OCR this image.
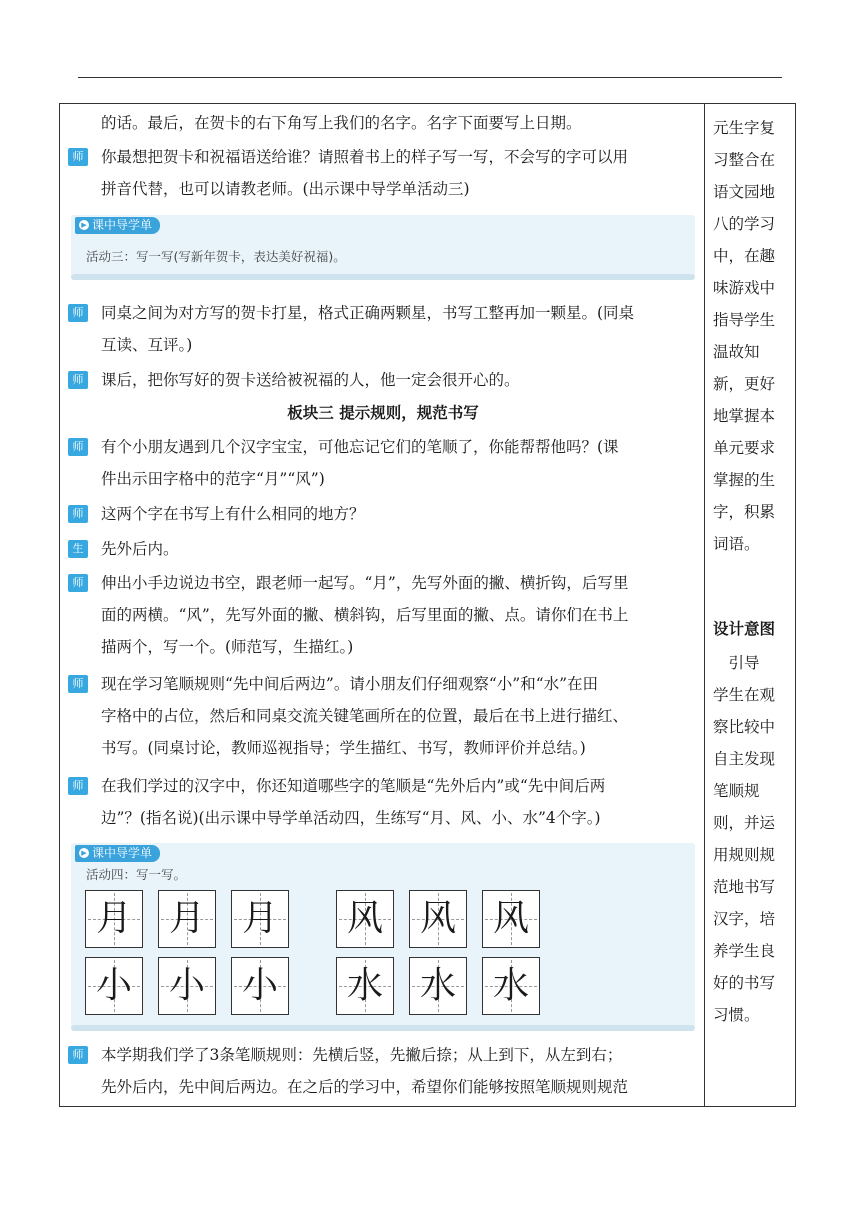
的话。最后，在贺卡的右下角写上我们的名字。名字下面要写上日期。
师 你最想把贺卡和祝福语送给谁？请照着书上的样子写一写，不会写的字可以用
拼音代替，也可以请教老师。(出示课中导学单活动三)
▶ 课中导学单
活动三：写一写(写新年贺卡，表达美好祝福)。
师 同桌之间为对方写的贺卡打星，格式正确两颗星，书写工整再加一颗星。(同桌
互读、互评。)
师 课后，把你写好的贺卡送给被祝福的人，他一定会很开心的。
板块三 提示规则，规范书写
师 有个小朋友遇到几个汉字宝宝，可他忘记它们的笔顺了，你能帮帮他吗？(课
件出示田字格中的范字“月”“风”)
师 这两个字在书写上有什么相同的地方？
生 先外后内。
师 伸出小手边说边书空，跟老师一起写。“月”，先写外面的撇、横折钩，后写里
面的两横。“风”，先写外面的撇、横斜钩，后写里面的撇、点。请你们在书上
描两个，写一个。(师范写，生描红。)
师 现在学习笔顺规则“先中间后两边”。请小朋友们仔细观察“小”和“水”在田
字格中的占位，然后和同桌交流关键笔画所在的位置，最后在书上进行描红、
书写。(同桌讨论，教师巡视指导；学生描红、书写，教师评价并总结。)
师 在我们学过的汉字中，你还知道哪些字的笔顺是“先外后内”或“先中间后两
边”？(指名说)(出示课中导学单活动四，生练写“月、风、小、水”4个字。)
▶ 课中导学单
活动四：写一写。
月 月 月 风 风 风
小 小 小 水 水 水
师 本学期我们学了3条笔顺规则：先横后竖，先撇后捺；从上到下，从左到右；
先外后内，先中间后两边。在之后的学习中，希望你们能够按照笔顺规则规范
元生字复
习整合在
语文园地
八的学习
中，在趣
味游戏中
指导学生
温故知
新，更好
地掌握本
单元要求
掌握的生
字，积累
词语。
设计意图
　引导
学生在观
察比较中
自主发现
笔顺规
则，并运
用规则规
范地书写
汉字，培
养学生良
好的书写
习惯。
